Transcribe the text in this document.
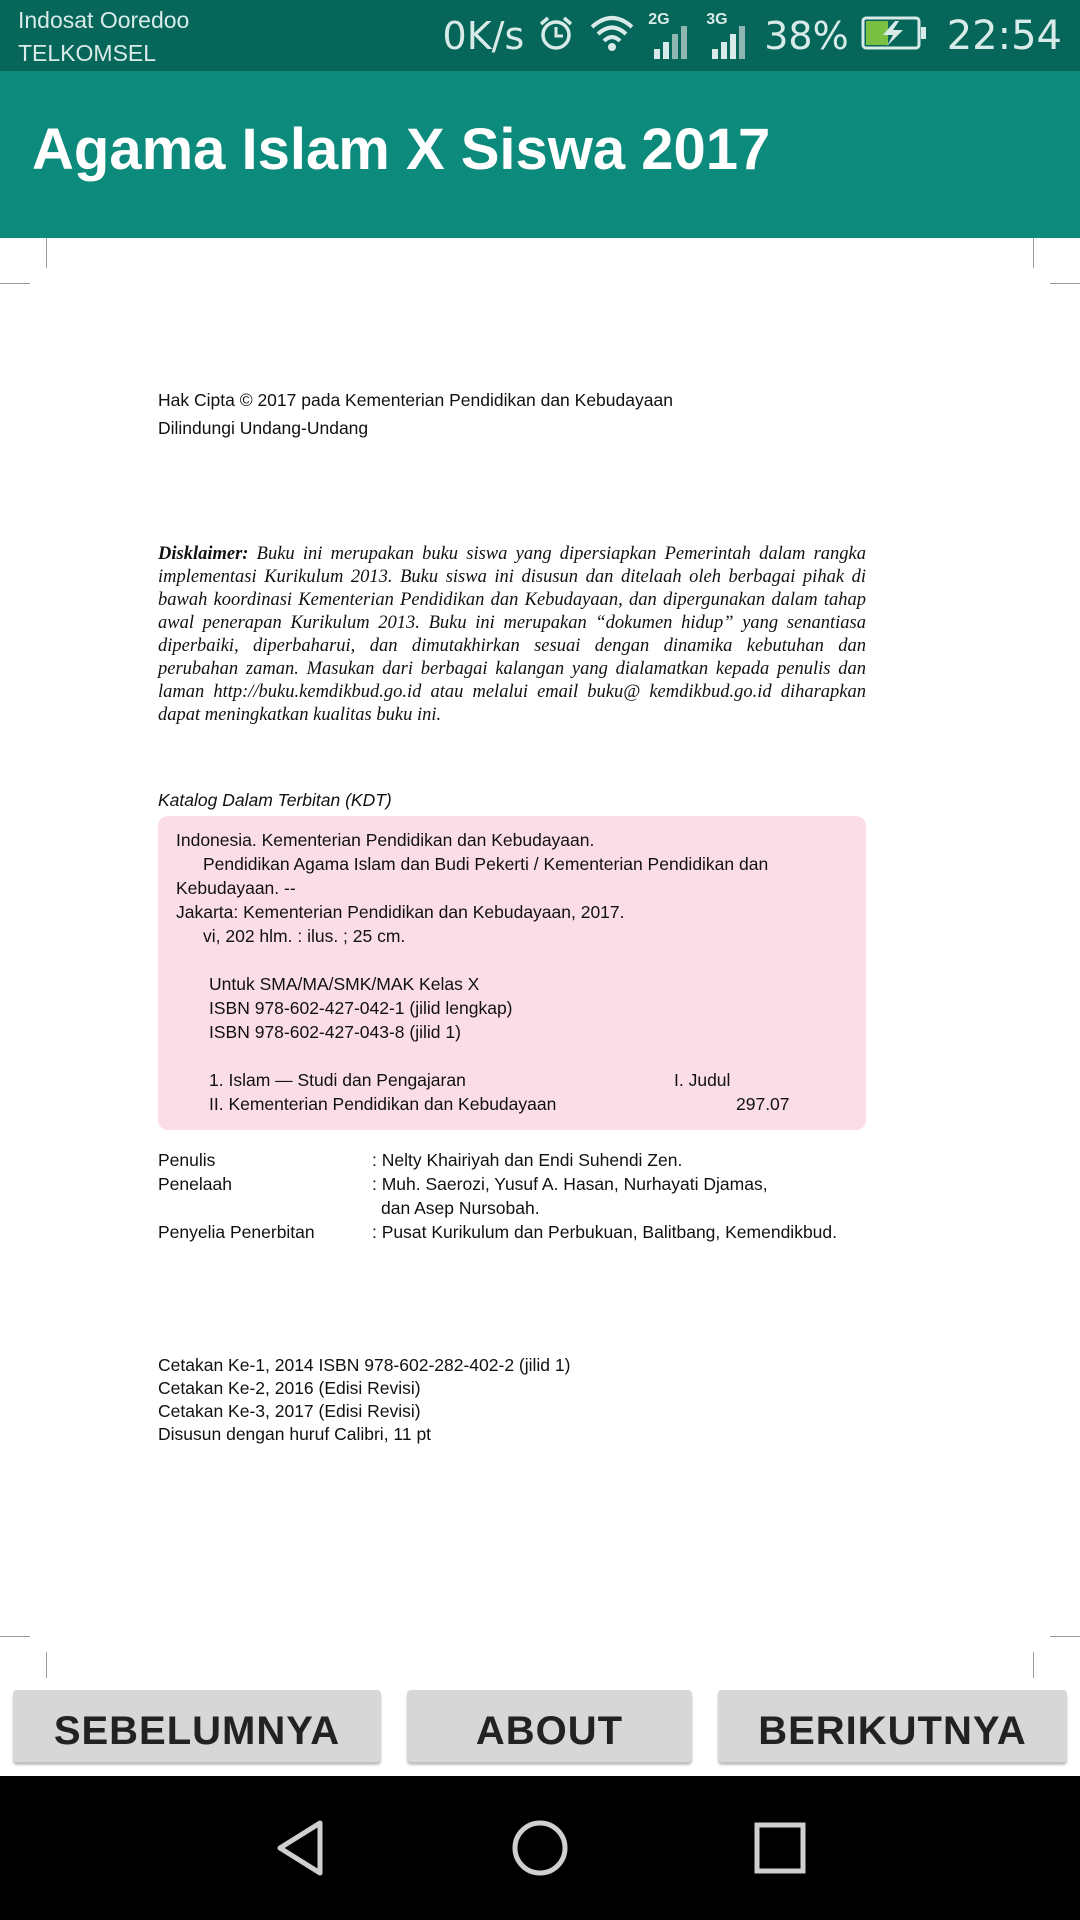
Indosat Ooredoo
TELKOMSEL	0K/s	2G 3G 38% 22:54
Agama Islam X Siswa 2017
Hak Cipta © 2017 pada Kementerian Pendidikan dan Kebudayaan
Dilindungi Undang-Undang
Disklaimer: Buku ini merupakan buku siswa yang dipersiapkan Pemerintah dalam rangka implementasi Kurikulum 2013. Buku siswa ini disusun dan ditelaah oleh berbagai pihak di bawah koordinasi Kementerian Pendidikan dan Kebudayaan, dan dipergunakan dalam tahap awal penerapan Kurikulum 2013. Buku ini merupakan “dokumen hidup” yang senantiasa diperbaiki, diperbaharui, dan dimutakhirkan sesuai dengan dinamika kebutuhan dan perubahan zaman. Masukan dari berbagai kalangan yang dialamatkan kepada penulis dan laman http://buku.kemdikbud.go.id atau melalui email buku@ kemdikbud.go.id diharapkan dapat meningkatkan kualitas buku ini.
Katalog Dalam Terbitan (KDT)
Indonesia. Kementerian Pendidikan dan Kebudayaan.
Pendidikan Agama Islam dan Budi Pekerti / Kementerian Pendidikan dan
Kebudayaan. --
Jakarta: Kementerian Pendidikan dan Kebudayaan, 2017.
vi, 202 hlm. : ilus. ; 25 cm.
Untuk SMA/MA/SMK/MAK Kelas X
ISBN 978-602-427-042-1 (jilid lengkap)
ISBN 978-602-427-043-8 (jilid 1)
1. Islam — Studi dan Pengajaran	I. Judul
II. Kementerian Pendidikan dan Kebudayaan	297.07
Penulis	: Nelty Khairiyah dan Endi Suhendi Zen.
Penelaah	: Muh. Saerozi, Yusuf A. Hasan, Nurhayati Djamas,
dan Asep Nursobah.
Penyelia Penerbitan	: Pusat Kurikulum dan Perbukuan, Balitbang, Kemendikbud.
Cetakan Ke-1, 2014 ISBN 978-602-282-402-2 (jilid 1)
Cetakan Ke-2, 2016 (Edisi Revisi)
Cetakan Ke-3, 2017 (Edisi Revisi)
Disusun dengan huruf Calibri, 11 pt
SEBELUMNYA	ABOUT	BERIKUTNYA
